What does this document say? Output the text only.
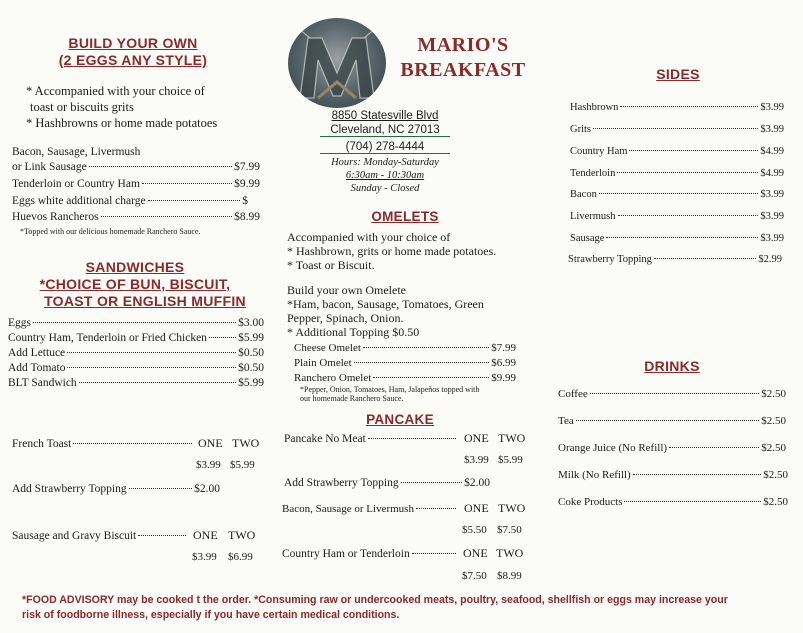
BUILD YOUR OWN
(2 EGGS ANY STYLE)
* Accompanied with your choice of
toast or biscuits grits
* Hashbrowns or home made potatoes
Bacon, Sausage, Livermush
or Link Sausage	$7.99
Tenderloin or Country Ham	$9.99
Eggs white additional charge	$
Huevos Rancheros	$8.99
*Topped with our delicious homemade Ranchero Sauce.
SANDWICHES
*CHOICE OF BUN, BISCUIT,
TOAST OR ENGLISH MUFFIN
Eggs	$3.00
Country Ham, Tenderloin or Fried Chicken	$5.99
Add Lettuce	$0.50
Add Tomato	$0.50
BLT Sandwich	$5.99
French Toast	ONE TWO
$3.99 $5.99
Add Strawberry Topping	$2.00
Sausage and Gravy Biscuit	ONE TWO
$3.99 $6.99
MARIO'S
BREAKFAST
8850 Statesville Blvd
Cleveland, NC 27013
(704) 278-4444
Hours: Monday-Saturday
6:30am - 10:30am
Sunday - Closed
OMELETS
Accompanied with your choice of
* Hashbrown, grits or home made potatoes.
* Toast or Biscuit.
Build your own Omelete
*Ham, bacon, Sausage, Tomatoes, Green
Pepper, Spinach, Onion.
* Additional Topping $0.50
Cheese Omelet	$7.99
Plain Omelet	$6.99
Ranchero Omelet	$9.99
*Pepper, Onion, Tomatoes, Ham, Jalapeños topped with
our homemade Ranchero Sauce.
PANCAKE
Pancake No Meat	ONE TWO
$3.99 $5.99
Add Strawberry Topping	$2.00
Bacon, Sausage or Livermush	ONE TWO
$5.50 $7.50
Country Ham or Tenderloin	ONE TWO
$7.50 $8.99
SIDES
Hashbrown	$3.99
Grits	$3.99
Country Ham	$4.99
Tenderloin	$4.99
Bacon	$3.99
Livermush	$3.99
Sausage	$3.99
Strawberry Topping	$2.99
DRINKS
Coffee	$2.50
Tea	$2.50
Orange Juice (No Refill)	$2.50
Milk (No Refill)	$2.50
Coke Products	$2.50
*FOOD ADVISORY may be cooked t the order. *Consuming raw or undercooked meats, poultry, seafood, shellfish or eggs may increase your
risk of foodborne illness, especially if you have certain medical conditions.
